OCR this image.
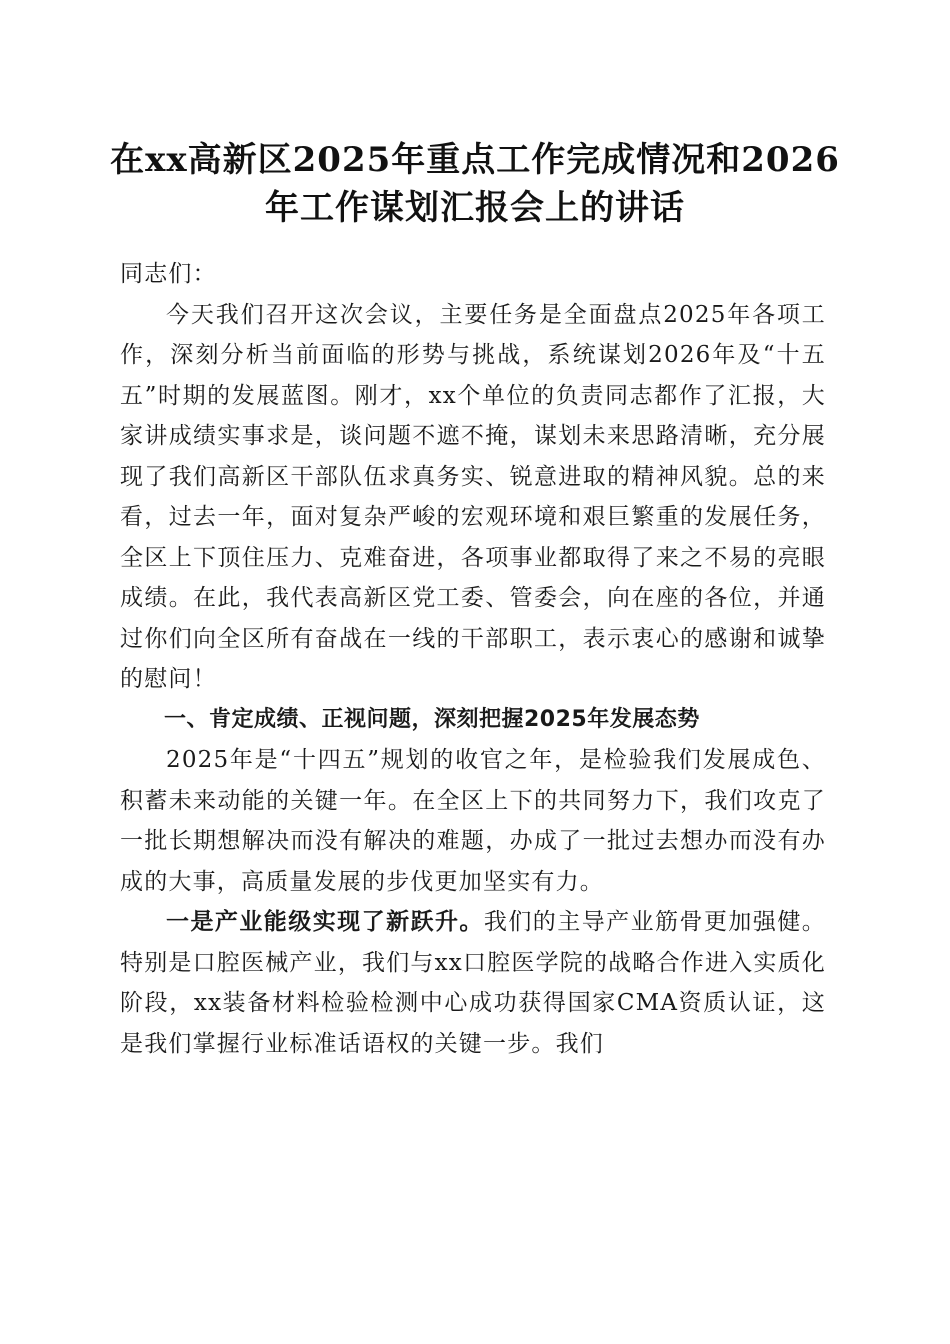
在xx高新区2025年重点工作完成情况和2026
年工作谋划汇报会上的讲话

同志们：

今天我们召开这次会议，主要任务是全面盘点2025年各项工作，深刻分析当前面临的形势与挑战，系统谋划2026年及“十五五”时期的发展蓝图。刚才，xx个单位的负责同志都作了汇报，大家讲成绩实事求是，谈问题不遮不掩，谋划未来思路清晰，充分展现了我们高新区干部队伍求真务实、锐意进取的精神风貌。总的来看，过去一年，面对复杂严峻的宏观环境和艰巨繁重的发展任务，全区上下顶住压力、克难奋进，各项事业都取得了来之不易的亮眼成绩。在此，我代表高新区党工委、管委会，向在座的各位，并通过你们向全区所有奋战在一线的干部职工，表示衷心的感谢和诚挚的慰问！

一、肯定成绩、正视问题，深刻把握2025年发展态势

2025年是“十四五”规划的收官之年，是检验我们发展成色、积蓄未来动能的关键一年。在全区上下的共同努力下，我们攻克了一批长期想解决而没有解决的难题，办成了一批过去想办而没有办成的大事，高质量发展的步伐更加坚实有力。

一是产业能级实现了新跃升。我们的主导产业筋骨更加强健。特别是口腔医械产业，我们与xx口腔医学院的战略合作进入实质化阶段，xx装备材料检验检测中心成功获得国家CMA资质认证，这是我们掌握行业标准话语权的关键一步。我们
